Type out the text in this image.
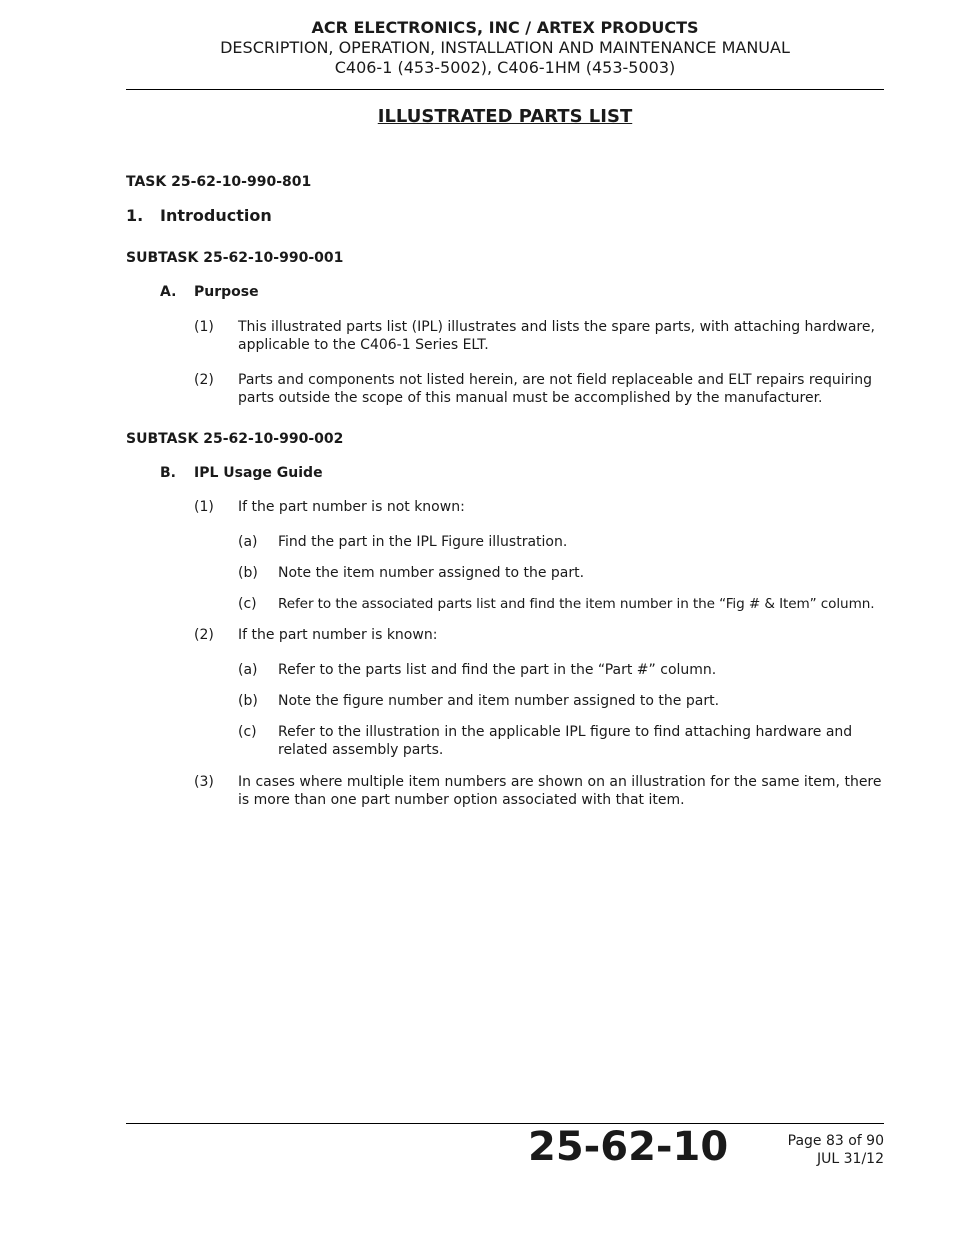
ACR ELECTRONICS, INC / ARTEX PRODUCTS
DESCRIPTION, OPERATION, INSTALLATION AND MAINTENANCE MANUAL
C406-1 (453-5002), C406-1HM (453-5003)
ILLUSTRATED PARTS LIST
TASK 25-62-10-990-801
1. Introduction
SUBTASK 25-62-10-990-001
A. Purpose
(1) This illustrated parts list (IPL) illustrates and lists the spare parts, with attaching hardware, applicable to the C406-1 Series ELT.
(2) Parts and components not listed herein, are not field replaceable and ELT repairs requiring parts outside the scope of this manual must be accomplished by the manufacturer.
SUBTASK 25-62-10-990-002
B. IPL Usage Guide
(1) If the part number is not known:
(a) Find the part in the IPL Figure illustration.
(b) Note the item number assigned to the part.
(c) Refer to the associated parts list and find the item number in the “Fig # & Item” column.
(2) If the part number is known:
(a) Refer to the parts list and find the part in the “Part #” column.
(b) Note the figure number and item number assigned to the part.
(c) Refer to the illustration in the applicable IPL figure to find attaching hardware and related assembly parts.
(3) In cases where multiple item numbers are shown on an illustration for the same item, there is more than one part number option associated with that item.
25-62-10	Page 83 of 90
JUL 31/12
